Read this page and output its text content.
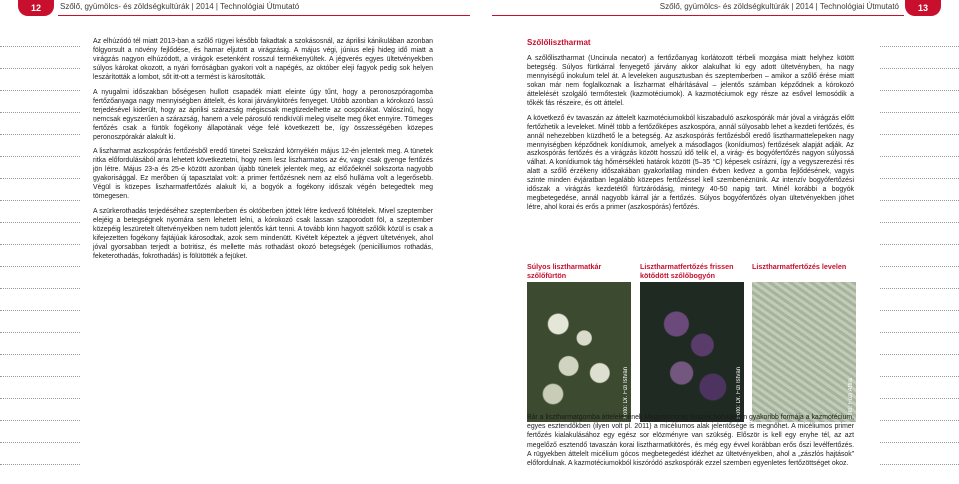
12	Szőlő, gyümölcs- és zöldségkultúrák | 2014 | Technológiai Útmutató	13
Szőlő, gyümölcs- és zöldségkultúrák | 2014 | Technológiai Útmutató

Az elhúzódó tél miatt 2013-ban a szőlő rügyei később fakadtak a szokásosnál, az áprilisi kánikulában azonban fölgyorsult a növény fejlődése, és hamar eljutott a virágzásig. A május végi, június eleji hideg idő miatt a virágzás nagyon elhúzódott, a virágok esetenként rosszul termékenyültek. A jégverés egyes ültetvényekben súlyos károkat okozott, a nyári forróságban gyakori volt a napégés, az október eleji fagyok pedig sok helyen leszárították a lombot, sőt itt-ott a termést is károsították.

A nyugalmi időszakban bőségesen hullott csapadék miatt eleinte úgy tűnt, hogy a peronoszpóragomba fertőzőanyaga nagy mennyiségben áttelelt, és korai járványkitörés fenyeget. Utóbb azonban a kórokozó lassú terjedésével kiderült, hogy az áprilisi szárazság mégiscsak megtizedelhette az oospórákat. Valószínű, hogy nemcsak egyszerűen a szárazság, hanem a vele párosuló rendkívüli meleg viselte meg őket ennyire. Tömeges fertőzés csak a fürtök fogékony állapotának vége felé következett be, így összességében közepes peronoszpórakár alakult ki.

A liszharmat aszkospórás fertőzésből eredő tünetei Szekszárd környékén május 12-én jelentek meg. A tünetek ritka előfordulásából arra lehetett következtetni, hogy nem lesz liszharmatos az év, vagy csak gyenge fertőzés jön létre. Május 23-a és 25-e között azonban újabb tünetek jelentek meg, az előzőeknél sokszorta nagyobb gyakorisággal. Ez merőben új tapasztalat volt: a primer fertőzésnek nem az első hulláma volt a legerősebb. Végül is közepes liszharmatfertőzés alakult ki, a bogyók a fogékony időszak végén betegedtek meg tömegesen.

A szürkerothadás terjedéséhez szeptemberben és októberben jöttek létre kedvező föltételek. Mivel szeptember elejéig a betegségnek nyomára sem lehetett lelni, a kórokozó csak lassan szaporodott föl, a szeptember közepéig leszüretelt ültetvényekben nem tudott jelentős kárt tenni. A tovább kinn hagyott szőlők közül is csak a kifejezetten fogékony fajtájúak károsodtak, azok sem mindenütt. Kivételt képeztek a jégvert ültetvények, ahol jóval gyorsabban terjedt a botritisz, és mellette más rothadást okozó betegségek (penicilliumos rothadás, feketerothadás, fokrothadás) is fölütötték a fejüket.

Szőlőlisztharmat

A szőlőlisztharmat (Uncinula necator) a fertőzőanyag korlátozott térbeli mozgása miatt helyhez kötött betegség. Súlyos fürtkárral fenyegető járvány akkor alakulhat ki egy adott ültetvényben, ha nagy mennyiségű inokulum telel át. A leveleken augusztusban és szeptemberben – amikor a szőlő érése miatt sokan már nem foglalkoznak a liszharmat elhárításával – jelentős számban képződnek a kórokozó áttelelését szolgáló termőtestek (kazmotéciumok). A kazmotéciumok egy része az esővel lemosódik a tőkék fás részeire, és ott áttelel.

A következő év tavaszán az áttelelt kazmotéciumokból kiszabaduló aszkospórák már jóval a virágzás előtt fertőzhetik a leveleket. Minél több a fertőzőképes aszkospóra, annál súlyosabb lehet a kezdeti fertőzés, és annál nehezebben küzdhető le a betegség. Az aszkospórás fertőzésből eredő lisztharmattelepeken nagy mennyiségben képződnek konídiumok, amelyek a másodlagos (konídiumos) fertőzések alapját adják. Az aszkospórás fertőzés és a virágzás között hosszú idő telik el, a virág- és bogyófertőzés nagyon súlyossá válhat. A konídiumok tág hőmérsékleti határok között (5–35 °C) képesek csírázni, így a vegyszerezési rés alatt a szőlő érzékeny időszakában gyakorlatilag minden évben kedvez a gomba fejlődésének, vagyis szinte minden évjáratban legalább közepes fertőzéssel kell szembenéznünk. Az intenzív bogyófertőzési időszak a virágzás kezdetétől fürtzáródásig, mintegy 40-50 napig tart. Minél korábbi a bogyók megbetegedése, annál nagyobb kárral jár a fertőzés. Súlyos bogyófertőzés olyan ültetvényekben jöhet létre, ahol korai és erős a primer (aszkospórás) fertőzés.

Súlyos lisztharmatkár szőlőfürtön
Fotó: Dr. Fizi István
Lisztharmatfertőzés frissen kötődött szőlőbogyón
Fotó: Dr. Fizi István
Lisztharmatfertőzés levelen
Fotó: Füzi Attila
Bár a lisztharmatgomba áttelelésének Magyarország összes borvidékén gyakoribb formája a kazmotécium, egyes esztendőkben (ilyen volt pl. 2011) a micéliumos alak jelentősége is megnőhet. A micéliumos primer fertőzés kialakulásához egy egész sor elözményre van szükség. Először is kell egy enyhe tél, az azt megelőző esztendő tavaszán korai lisztharmatkitörés, és még egy évvel korábban erős őszi levélfertőzés. A rügyekben áttelelt micélium gócos megbetegedést idézhet az ültetvényekben, ahol a „zászlós hajtások” előfordulnak. A kazmotéciumokból kiszóródó aszkospórák ezzel szemben egyenletes fertőzöttséget okoz.
